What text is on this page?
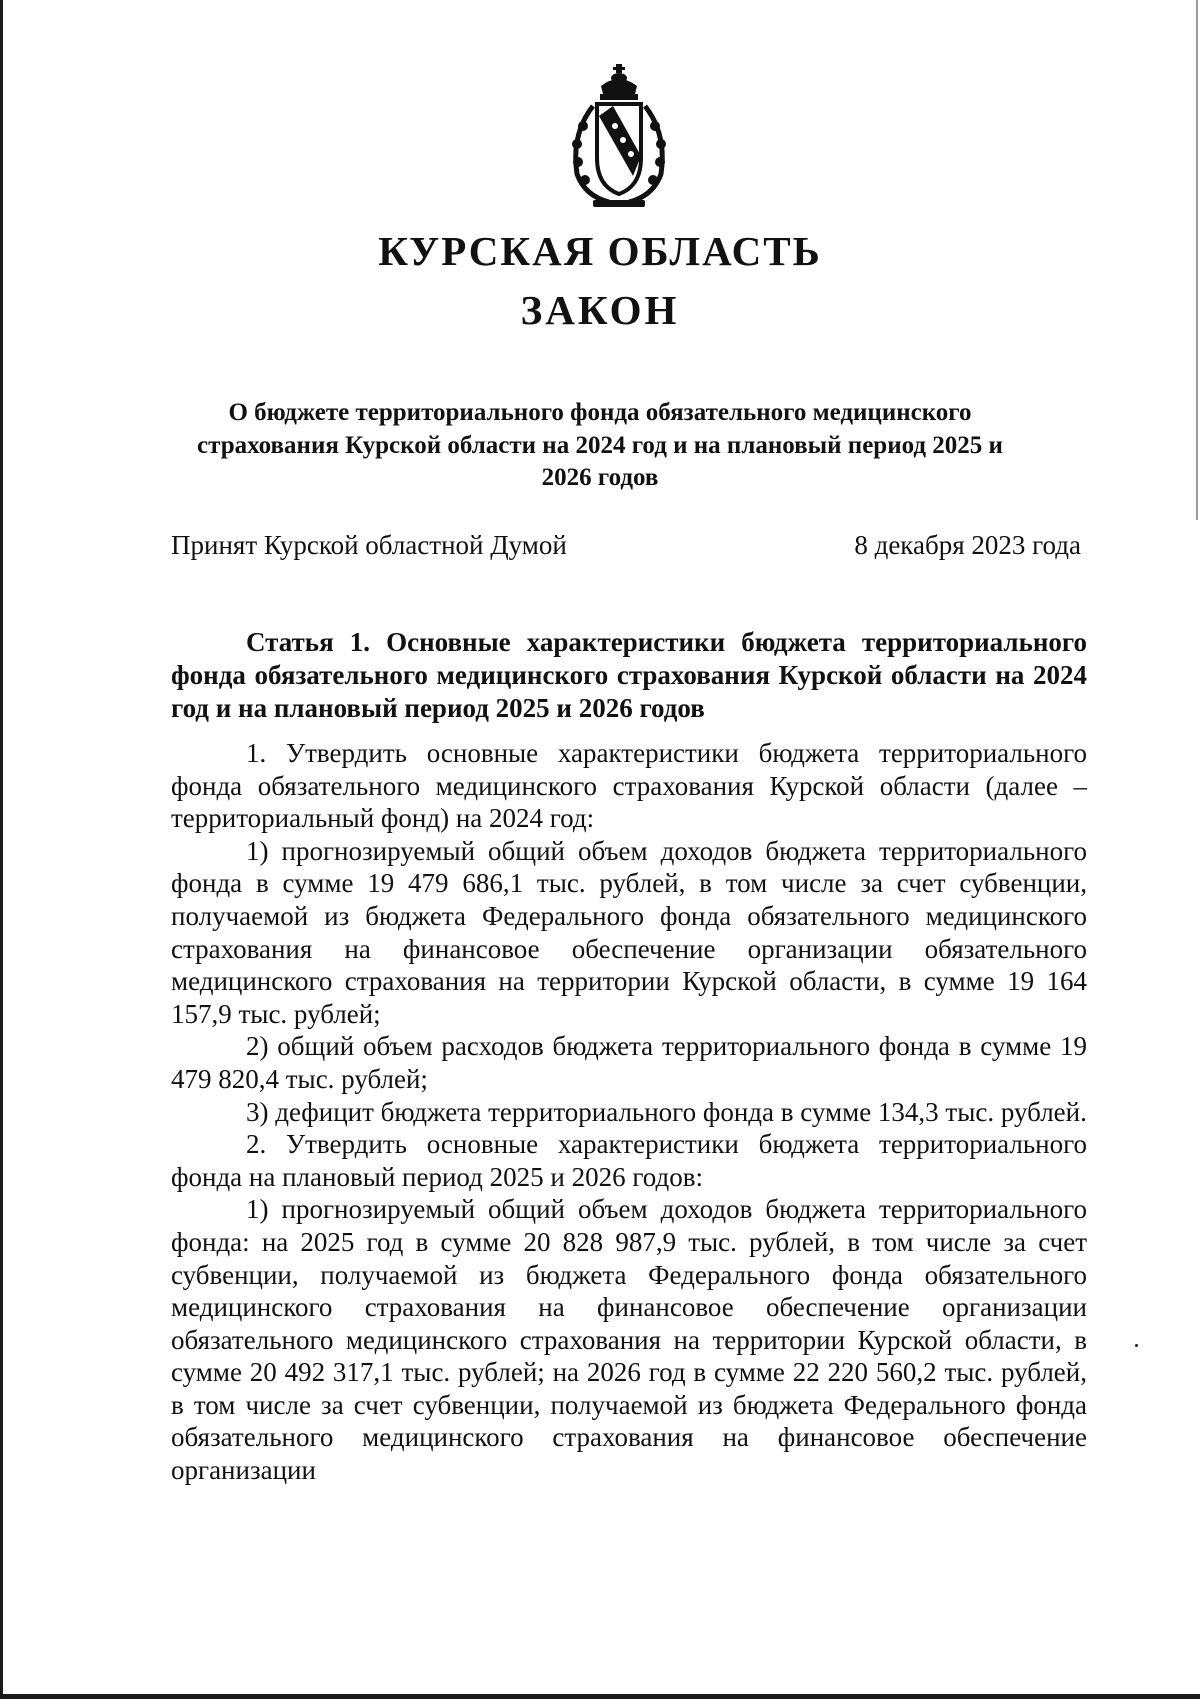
КУРСКАЯ ОБЛАСТЬ
ЗАКОН
О бюджете территориального фонда обязательного медицинского страхования Курской области на 2024 год и на плановый период 2025 и 2026 годов
Принят Курской областной Думой	8 декабря 2023 года

Статья 1. Основные характеристики бюджета территориального фонда обязательного медицинского страхования Курской области на 2024 год и на плановый период 2025 и 2026 годов

1. Утвердить основные характеристики бюджета территориального фонда обязательного медицинского страхования Курской области (далее – территориальный фонд) на 2024 год:

1) прогнозируемый общий объем доходов бюджета территориального фонда в сумме 19 479 686,1 тыс. рублей, в том числе за счет субвенции, получаемой из бюджета Федерального фонда обязательного медицинского страхования на финансовое обеспечение организации обязательного медицинского страхования на территории Курской области, в сумме 19 164 157,9 тыс. рублей;

2) общий объем расходов бюджета территориального фонда в сумме 19 479 820,4 тыс. рублей;

3) дефицит бюджета территориального фонда в сумме 134,3 тыс. рублей.

2. Утвердить основные характеристики бюджета территориального фонда на плановый период 2025 и 2026 годов:

1) прогнозируемый общий объем доходов бюджета территориального фонда: на 2025 год в сумме 20 828 987,9 тыс. рублей, в том числе за счет субвенции, получаемой из бюджета Федерального фонда обязательного медицинского страхования на финансовое обеспечение организации обязательного медицинского страхования на территории Курской области, в сумме 20 492 317,1 тыс. рублей; на 2026 год в сумме 22 220 560,2 тыс. рублей, в том числе за счет субвенции, получаемой из бюджета Федерального фонда обязательного медицинского страхования на финансовое обеспечение организации
